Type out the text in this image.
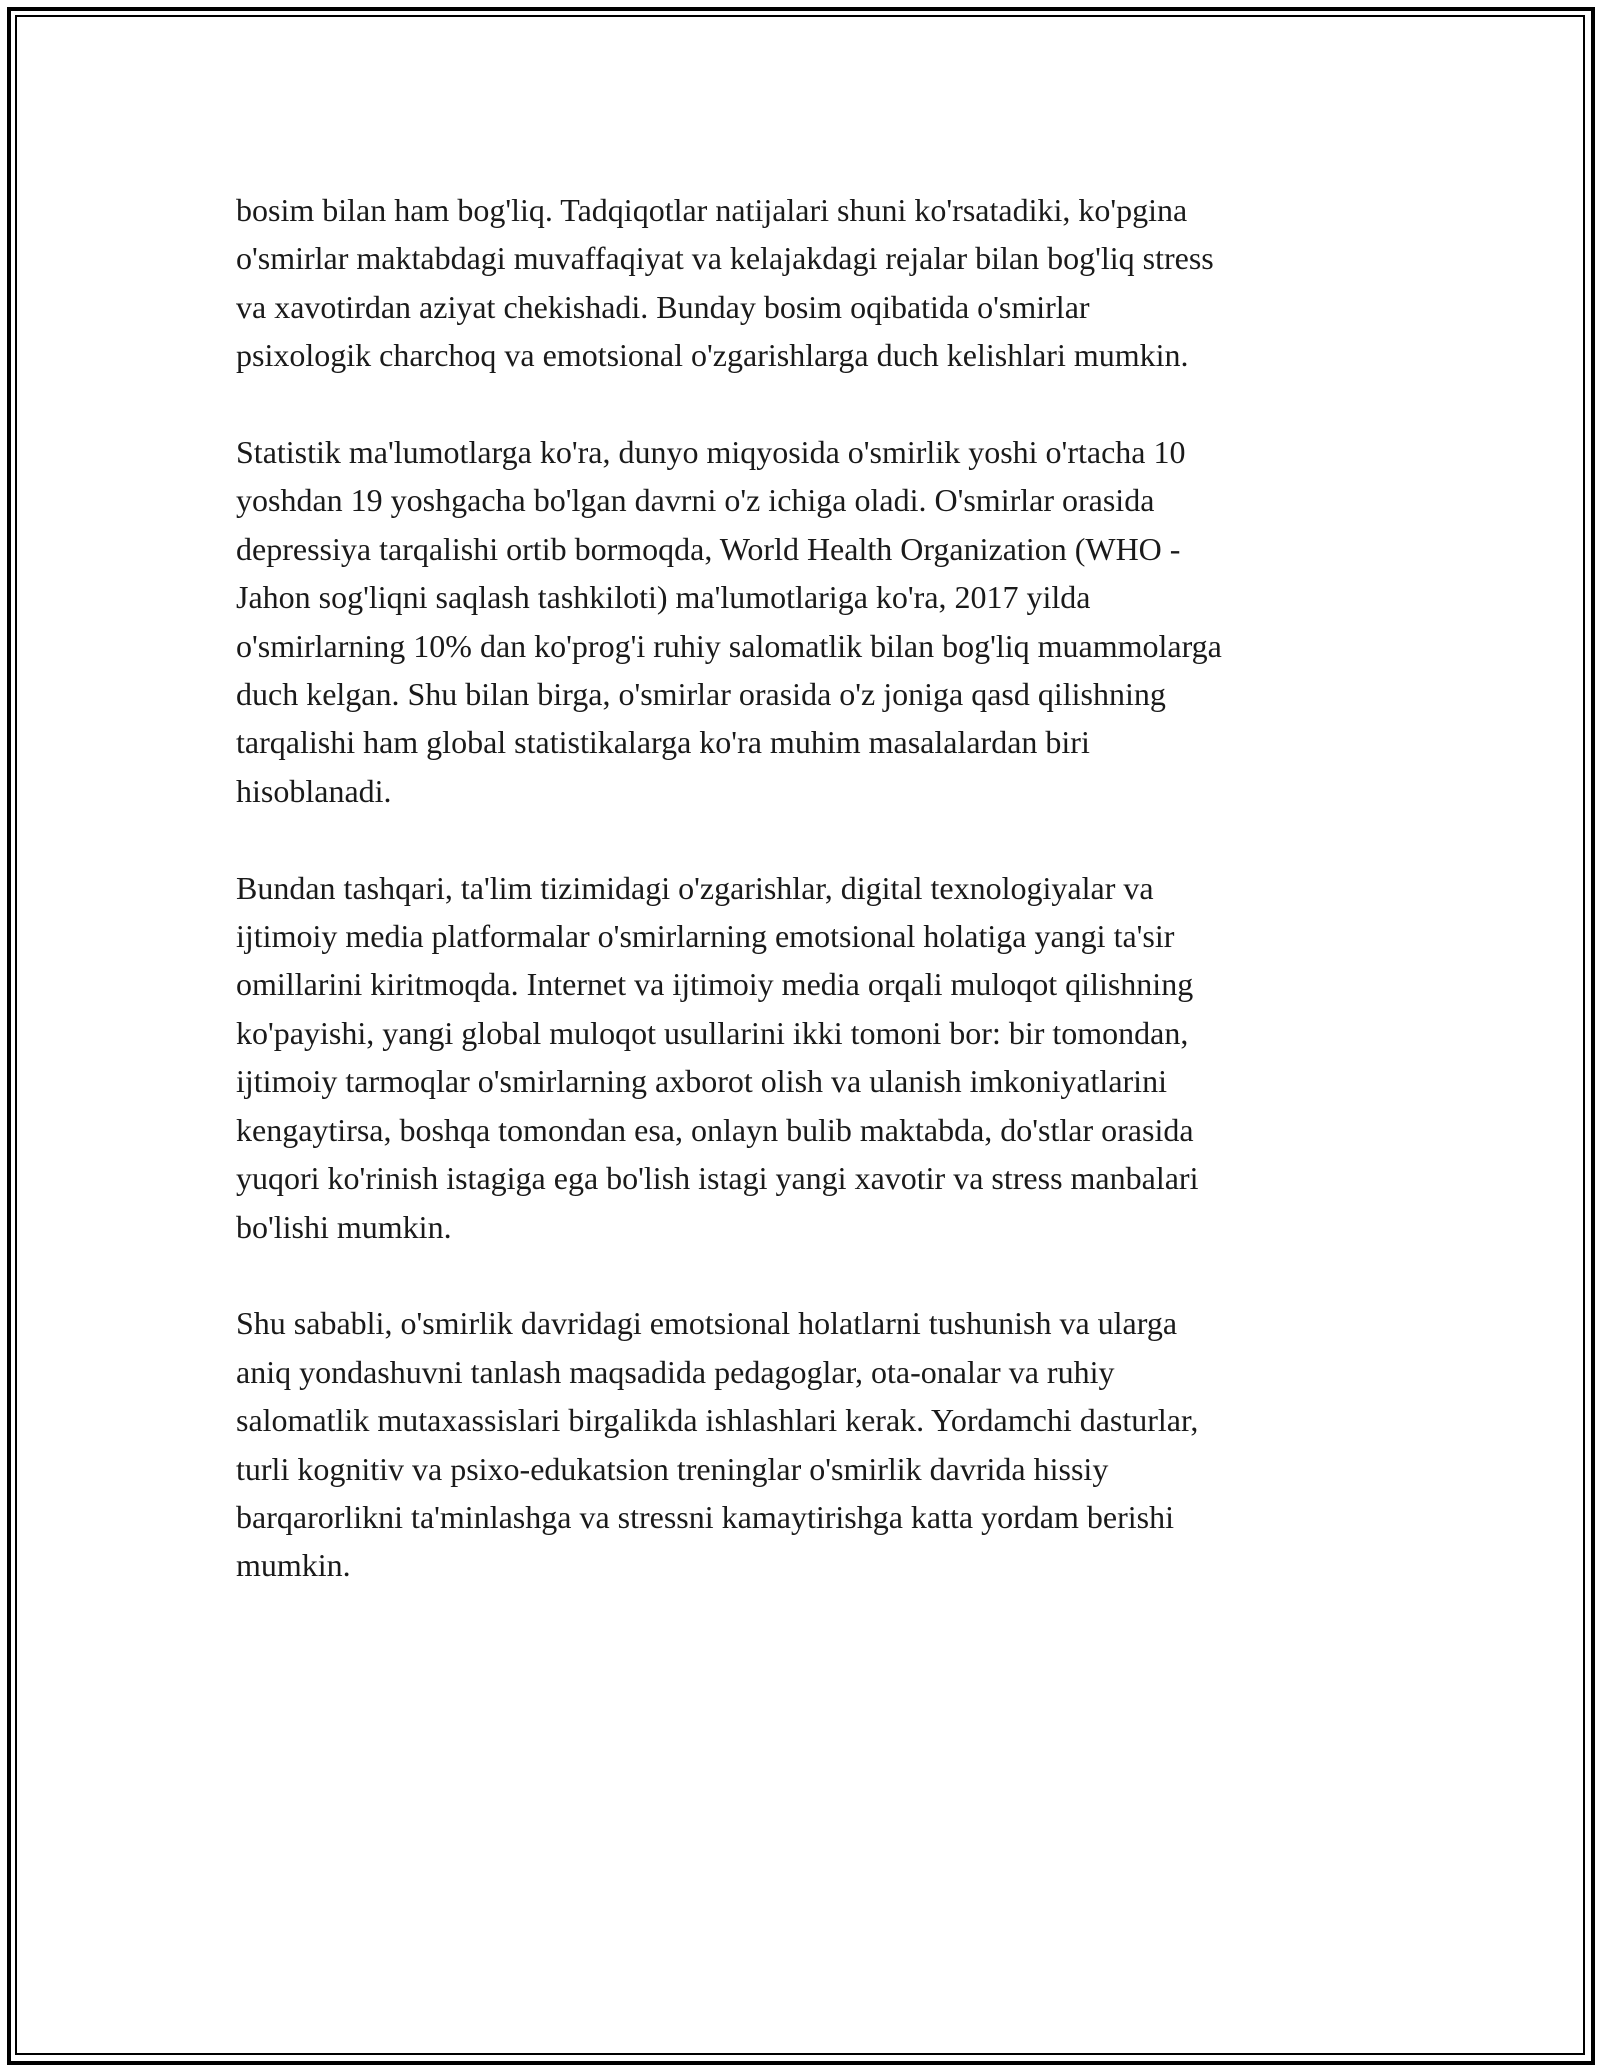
bosim bilan ham bog'liq. Tadqiqotlar natijalari shuni ko'rsatadiki, ko'pgina
o'smirlar maktabdagi muvaffaqiyat va kelajakdagi rejalar bilan bog'liq stress
va xavotirdan aziyat chekishadi. Bunday bosim oqibatida o'smirlar
psixologik charchoq va emotsional o'zgarishlarga duch kelishlari mumkin.

Statistik ma'lumotlarga ko'ra, dunyo miqyosida o'smirlik yoshi o'rtacha 10
yoshdan 19 yoshgacha bo'lgan davrni o'z ichiga oladi. O'smirlar orasida
depressiya tarqalishi ortib bormoqda, World Health Organization (WHO -
Jahon sog'liqni saqlash tashkiloti) ma'lumotlariga ko'ra, 2017 yilda
o'smirlarning 10% dan ko'prog'i ruhiy salomatlik bilan bog'liq muammolarga
duch kelgan. Shu bilan birga, o'smirlar orasida o'z joniga qasd qilishning
tarqalishi ham global statistikalarga ko'ra muhim masalalardan biri
hisoblanadi.

Bundan tashqari, ta'lim tizimidagi o'zgarishlar, digital texnologiyalar va
ijtimoiy media platformalar o'smirlarning emotsional holatiga yangi ta'sir
omillarini kiritmoqda. Internet va ijtimoiy media orqali muloqot qilishning
ko'payishi, yangi global muloqot usullarini ikki tomoni bor: bir tomondan,
ijtimoiy tarmoqlar o'smirlarning axborot olish va ulanish imkoniyatlarini
kengaytirsa, boshqa tomondan esa, onlayn bulib maktabda, do'stlar orasida
yuqori ko'rinish istagiga ega bo'lish istagi yangi xavotir va stress manbalari
bo'lishi mumkin.

Shu sababli, o'smirlik davridagi emotsional holatlarni tushunish va ularga
aniq yondashuvni tanlash maqsadida pedagoglar, ota-onalar va ruhiy
salomatlik mutaxassislari birgalikda ishlashlari kerak. Yordamchi dasturlar,
turli kognitiv va psixo-edukatsion treninglar o'smirlik davrida hissiy
barqarorlikni ta'minlashga va stressni kamaytirishga katta yordam berishi
mumkin.
